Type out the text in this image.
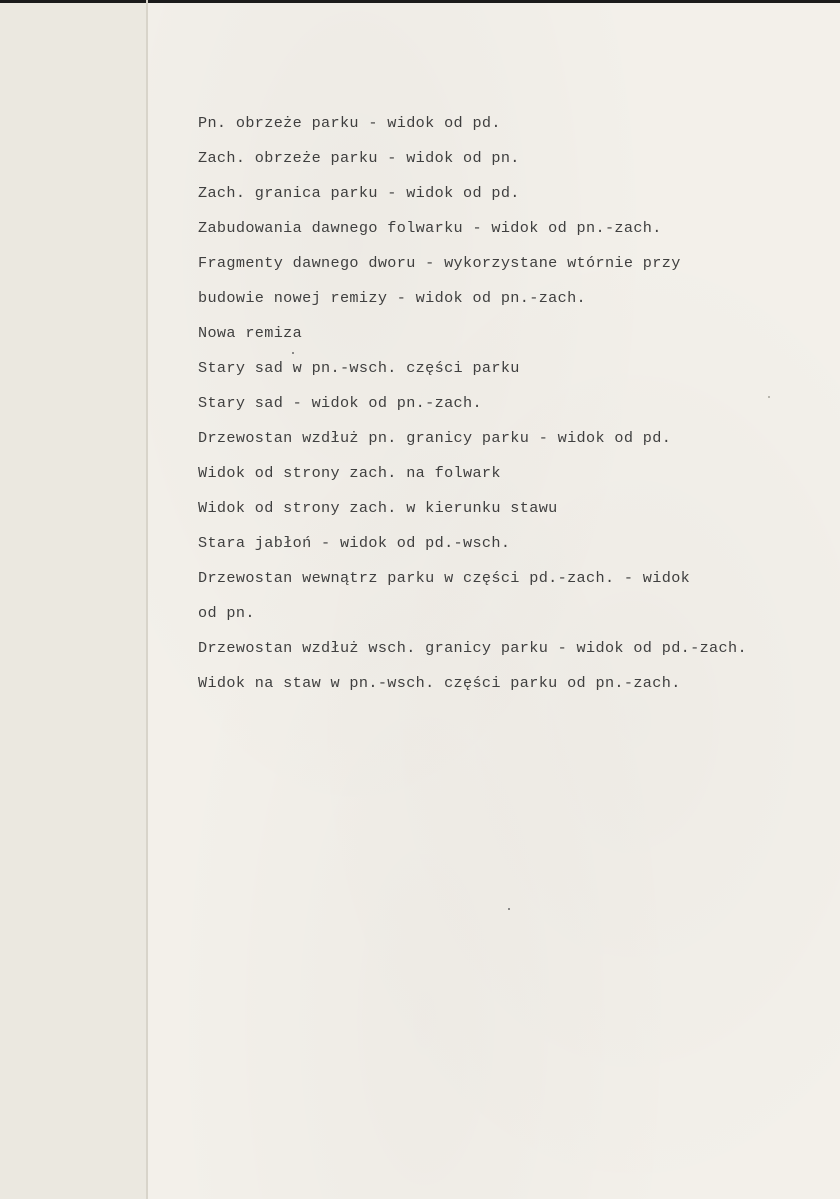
Pn. obrzeże parku - widok od pd.
Zach. obrzeże parku - widok od pn.
Zach. granica parku - widok od pd.
Zabudowania dawnego folwarku - widok od pn.-zach.
Fragmenty dawnego dworu - wykorzystane wtórnie przy
budowie nowej remizy - widok od pn.-zach.
Nowa remiza
Stary sad w pn.-wsch. części parku
Stary sad - widok od pn.-zach.
Drzewostan wzdłuż pn. granicy parku - widok od pd.
Widok od strony zach. na folwark
Widok od strony zach. w kierunku stawu
Stara jabłoń - widok od pd.-wsch.
Drzewostan wewnątrz parku w części pd.-zach. - widok
od pn.
Drzewostan wzdłuż wsch. granicy parku - widok od pd.-zach.
Widok na staw w pn.-wsch. części parku od pn.-zach.
